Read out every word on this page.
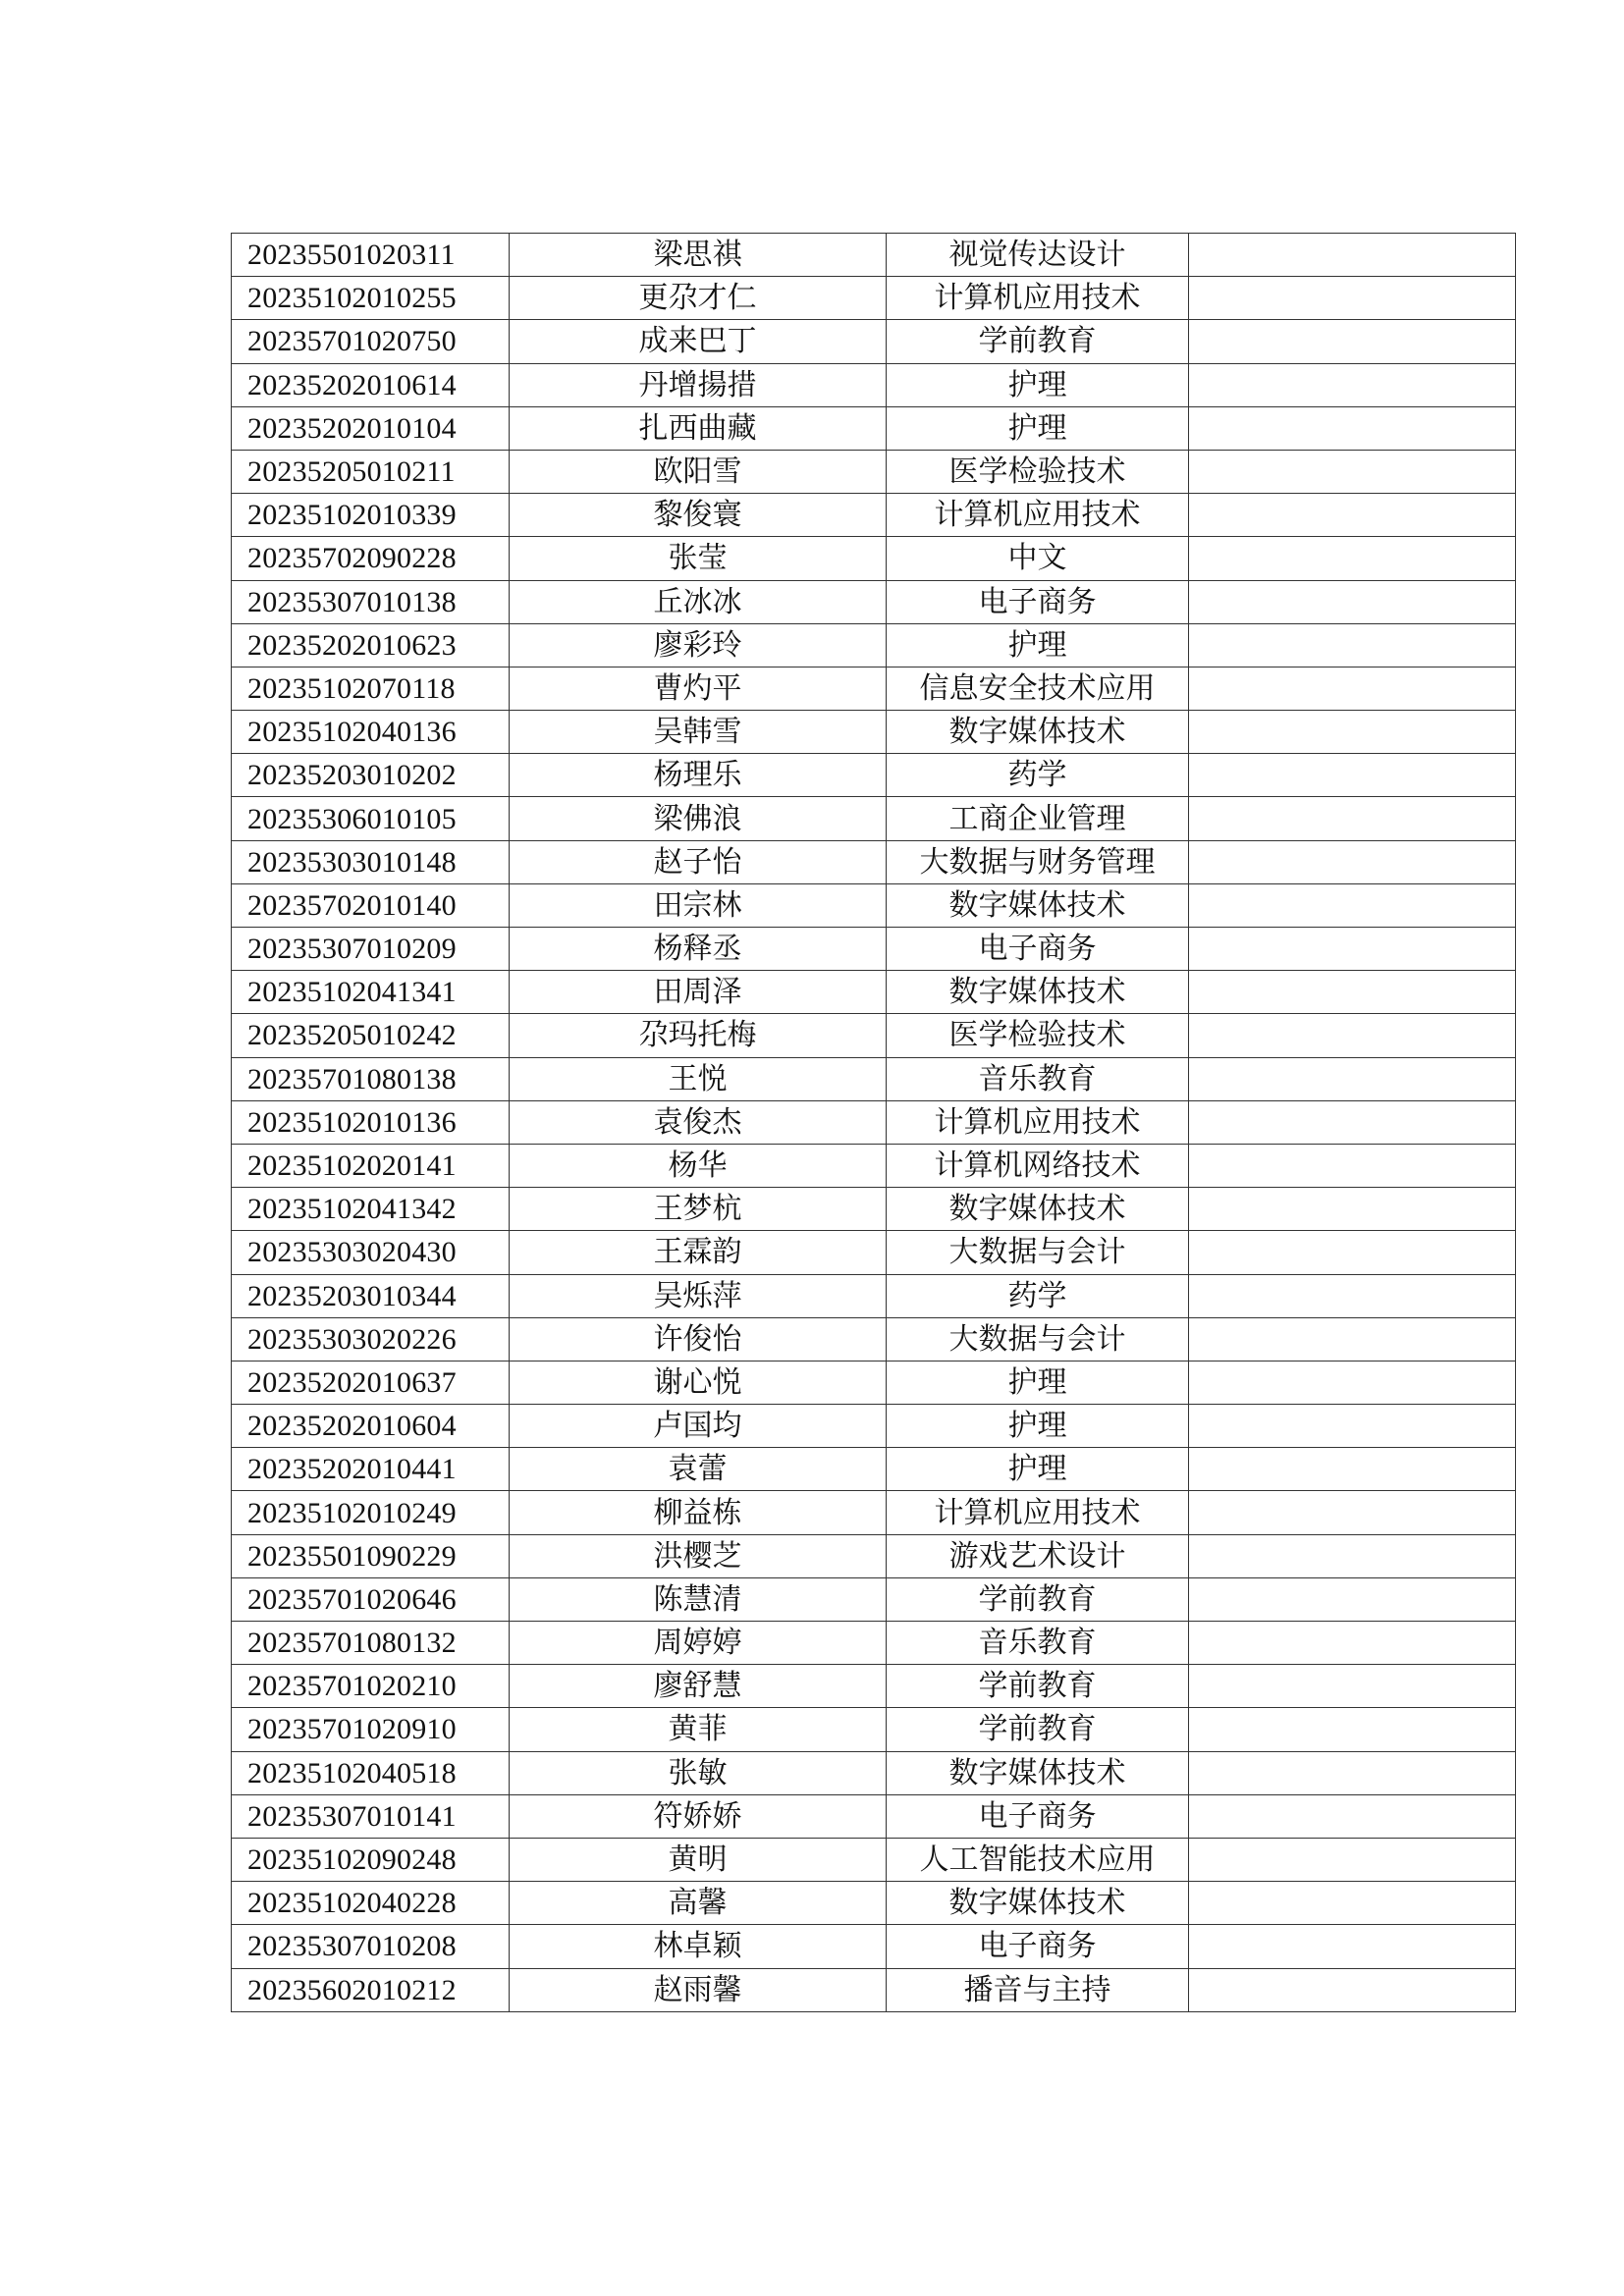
20235501020311	梁思祺	视觉传达设计	
20235102010255	更尕才仁	计算机应用技术	
20235701020750	成来巴丁	学前教育	
20235202010614	丹增揚措	护理	
20235202010104	扎西曲藏	护理	
20235205010211	欧阳雪	医学检验技术	
20235102010339	黎俊寰	计算机应用技术	
20235702090228	张莹	中文	
20235307010138	丘冰冰	电子商务	
20235202010623	廖彩玲	护理	
20235102070118	曹灼平	信息安全技术应用	
20235102040136	吴韩雪	数字媒体技术	
20235203010202	杨理乐	药学	
20235306010105	梁佛浪	工商企业管理	
20235303010148	赵子怡	大数据与财务管理	
20235702010140	田宗林	数字媒体技术	
20235307010209	杨释丞	电子商务	
20235102041341	田周泽	数字媒体技术	
20235205010242	尕玛托梅	医学检验技术	
20235701080138	王悦	音乐教育	
20235102010136	袁俊杰	计算机应用技术	
20235102020141	杨华	计算机网络技术	
20235102041342	王梦杭	数字媒体技术	
20235303020430	王霖韵	大数据与会计	
20235203010344	吴烁萍	药学	
20235303020226	许俊怡	大数据与会计	
20235202010637	谢心悦	护理	
20235202010604	卢国均	护理	
20235202010441	袁蕾	护理	
20235102010249	柳益栋	计算机应用技术	
20235501090229	洪樱芝	游戏艺术设计	
20235701020646	陈慧清	学前教育	
20235701080132	周婷婷	音乐教育	
20235701020210	廖舒慧	学前教育	
20235701020910	黄菲	学前教育	
20235102040518	张敏	数字媒体技术	
20235307010141	符娇娇	电子商务	
20235102090248	黄明	人工智能技术应用	
20235102040228	高馨	数字媒体技术	
20235307010208	林卓颖	电子商务	
20235602010212	赵雨馨	播音与主持	
